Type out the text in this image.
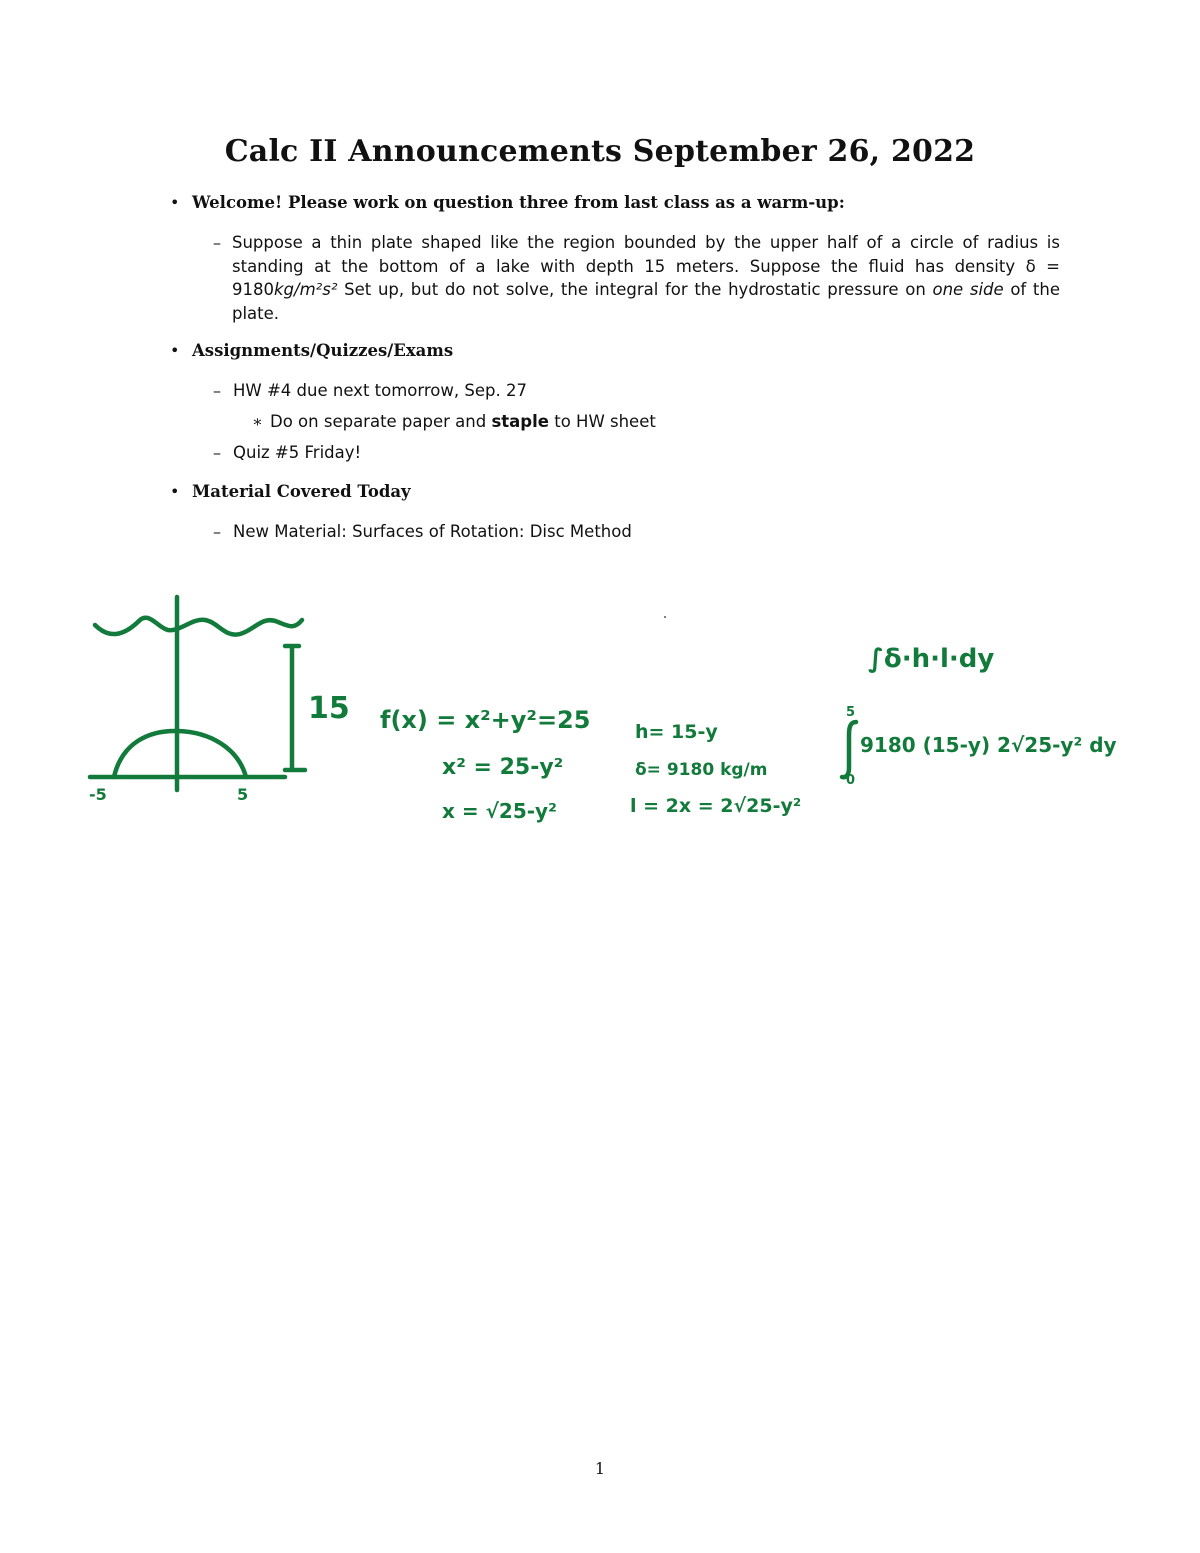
Calc II Announcements September 26, 2022
• Welcome! Please work on question three from last class as a warm-up:
– Suppose a thin plate shaped like the region bounded by the upper half of a circle of radius is standing at the bottom of a lake with depth 15 meters. Suppose the fluid has density δ = 9180kg/m²s² Set up, but do not solve, the integral for the hydrostatic pressure on one side of the plate.
• Assignments/Quizzes/Exams
– HW #4 due next tomorrow, Sep. 27
∗ Do on separate paper and staple to HW sheet
– Quiz #5 Friday!
• Material Covered Today
– New Material: Surfaces of Rotation: Disc Method
15
-5	5
f(x) = x²+y²=25
x² = 25-y²
x = √25-y²
h= 15-y
δ= 9180 kg/m
l = 2x = 2√25-y²
∫δ·h·l·dy
5
0
9180 (15-y) 2√25-y² dy
1
